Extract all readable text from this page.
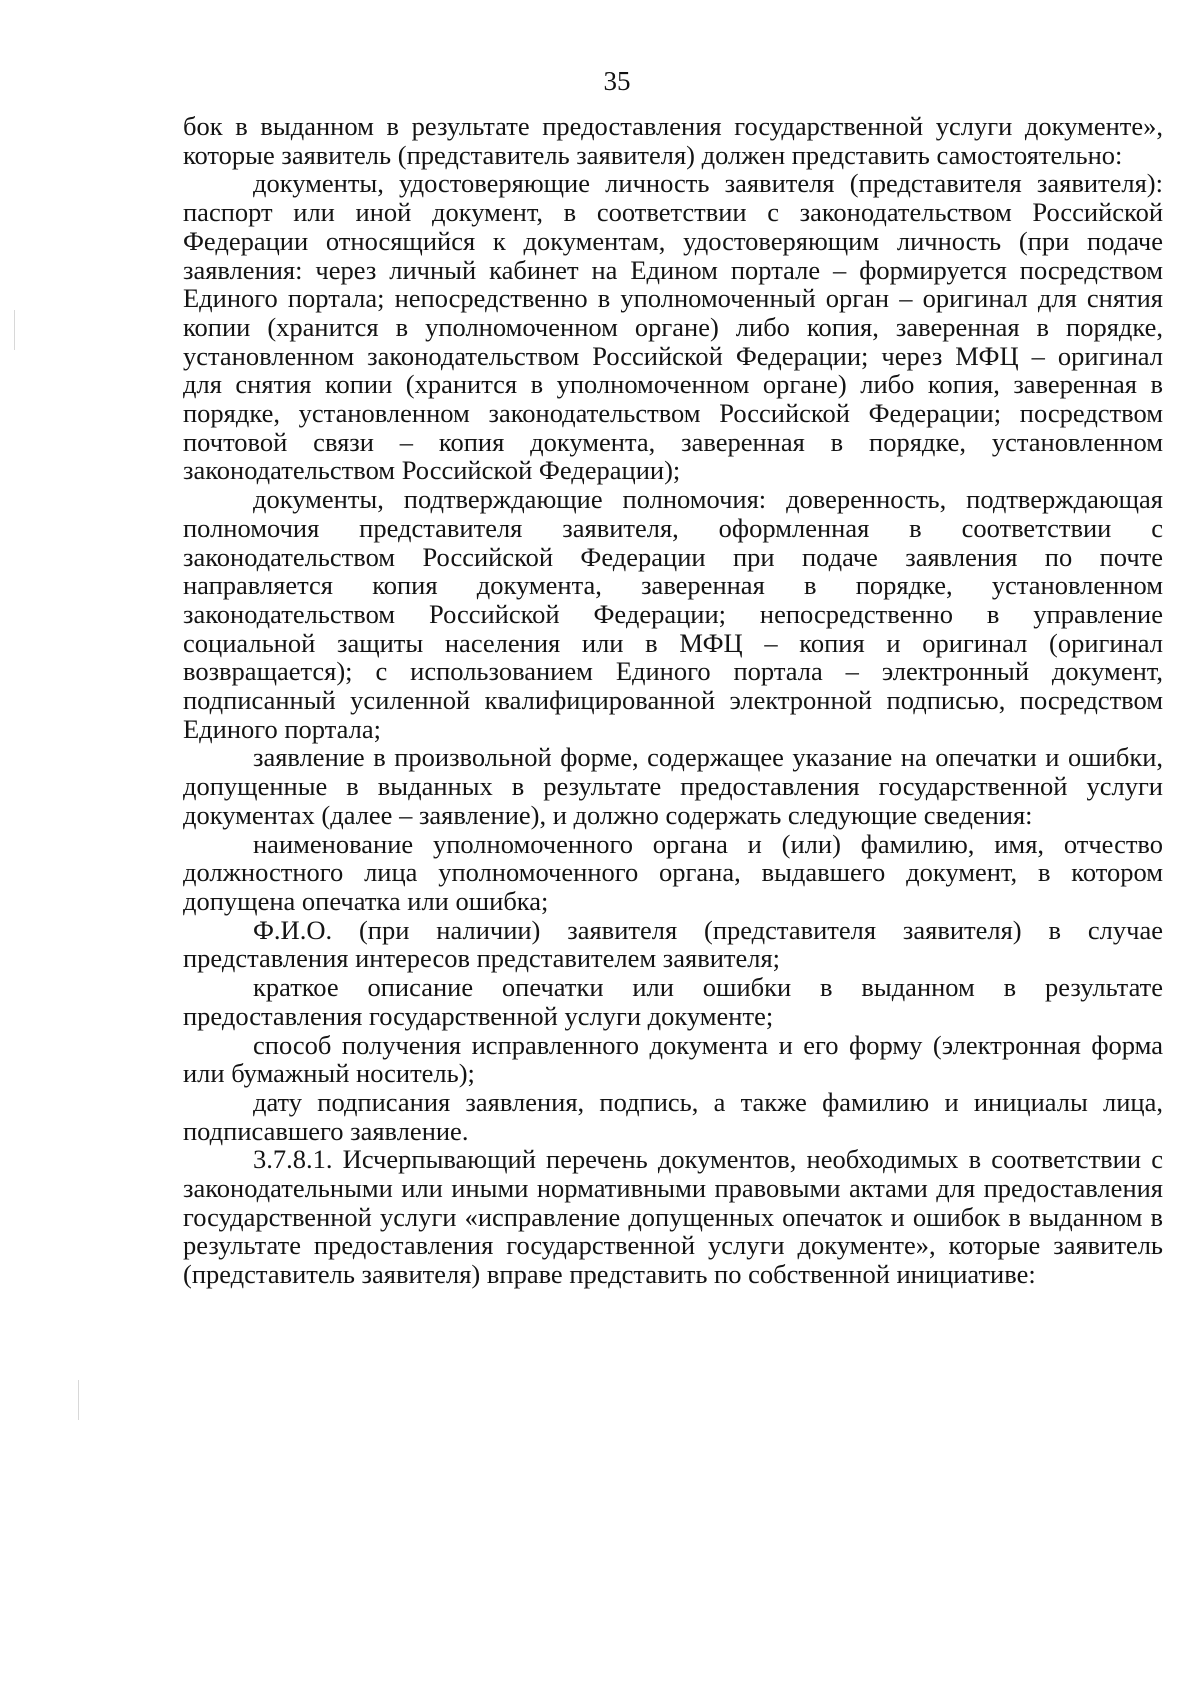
35

бок в выданном в результате предоставления государственной услуги документе», которые заявитель (представитель заявителя) должен представить самостоятельно:

документы, удостоверяющие личность заявителя (представителя заявителя): паспорт или иной документ, в соответствии с законодательством Российской Федерации относящийся к документам, удостоверяющим личность (при подаче заявления: через личный кабинет на Едином портале – формируется посредством Единого портала; непосредственно в уполномоченный орган – оригинал для снятия копии (хранится в уполномоченном органе) либо копия, заверенная в порядке, установленном законодательством Российской Федерации; через МФЦ – оригинал для снятия копии (хранится в уполномоченном органе) либо копия, заверенная в порядке, установленном законодательством Российской Федерации; посредством почтовой связи – копия документа, заверенная в порядке, установленном законодательством Российской Федерации);

документы, подтверждающие полномочия: доверенность, подтверждающая полномочия представителя заявителя, оформленная в соответствии с законодательством Российской Федерации при подаче заявления по почте направляется копия документа, заверенная в порядке, установленном законодательством Российской Федерации; непосредственно в управление социальной защиты населения или в МФЦ – копия и оригинал (оригинал возвращается); с использованием Единого портала – электронный документ, подписанный усиленной квалифицированной электронной подписью, посредством Единого портала;

заявление в произвольной форме, содержащее указание на опечатки и ошибки, допущенные в выданных в результате предоставления государственной услуги документах (далее – заявление), и должно содержать следующие сведения:

наименование уполномоченного органа и (или) фамилию, имя, отчество должностного лица уполномоченного органа, выдавшего документ, в котором допущена опечатка или ошибка;

Ф.И.О. (при наличии) заявителя (представителя заявителя) в случае представления интересов представителем заявителя;

краткое описание опечатки или ошибки в выданном в результате предоставления государственной услуги документе;

способ получения исправленного документа и его форму (электронная форма или бумажный носитель);

дату подписания заявления, подпись, а также фамилию и инициалы лица, подписавшего заявление.

3.7.8.1. Исчерпывающий перечень документов, необходимых в соответствии с законодательными или иными нормативными правовыми актами для предоставления государственной услуги «исправление допущенных опечаток и ошибок в выданном в результате предоставления государственной услуги документе», которые заявитель (представитель заявителя) вправе представить по собственной инициативе:
